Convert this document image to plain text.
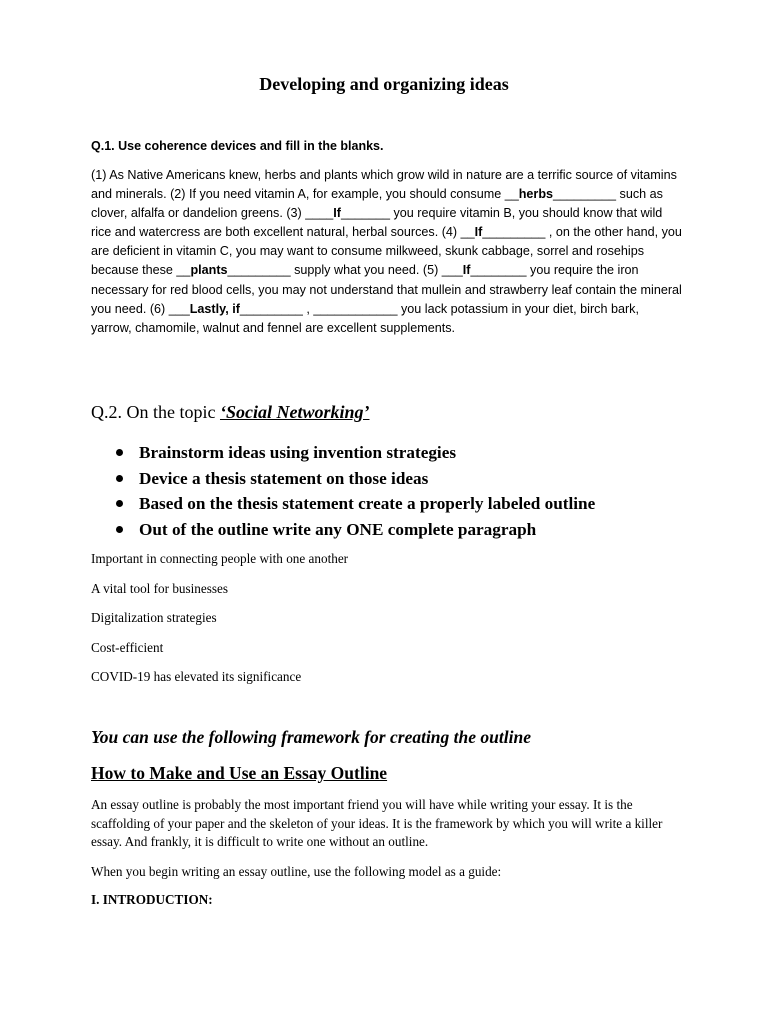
Developing and organizing ideas
Q.1. Use coherence devices and fill in the blanks.
(1) As Native Americans knew, herbs and plants which grow wild in nature are a terrific source of vitamins and minerals. (2) If you need vitamin A, for example, you should consume __herbs_________ such as clover, alfalfa or dandelion greens. (3) ____If_______ you require vitamin B, you should know that wild rice and watercress are both excellent natural, herbal sources. (4) __If_________ , on the other hand, you are deficient in vitamin C, you may want to consume milkweed, skunk cabbage, sorrel and rosehips because these __plants_________ supply what you need. (5) ___If________ you require the iron necessary for red blood cells, you may not understand that mullein and strawberry leaf contain the mineral you need. (6) ___Lastly, if_________ , ____________ you lack potassium in your diet, birch bark, yarrow, chamomile, walnut and fennel are excellent supplements.
Q.2. On the topic ‘Social Networking’
Brainstorm ideas using invention strategies
Device a thesis statement on those ideas
Based on the thesis statement create a properly labeled outline
Out of the outline write any ONE complete paragraph
Important in connecting people with one another
A vital tool for businesses
Digitalization strategies
Cost-efficient
COVID-19 has elevated its significance
You can use the following framework for creating the outline
How to Make and Use an Essay Outline
An essay outline is probably the most important friend you will have while writing your essay. It is the scaffolding of your paper and the skeleton of your ideas. It is the framework by which you will write a killer essay. And frankly, it is difficult to write one without an outline.
When you begin writing an essay outline, use the following model as a guide:
I. INTRODUCTION:
